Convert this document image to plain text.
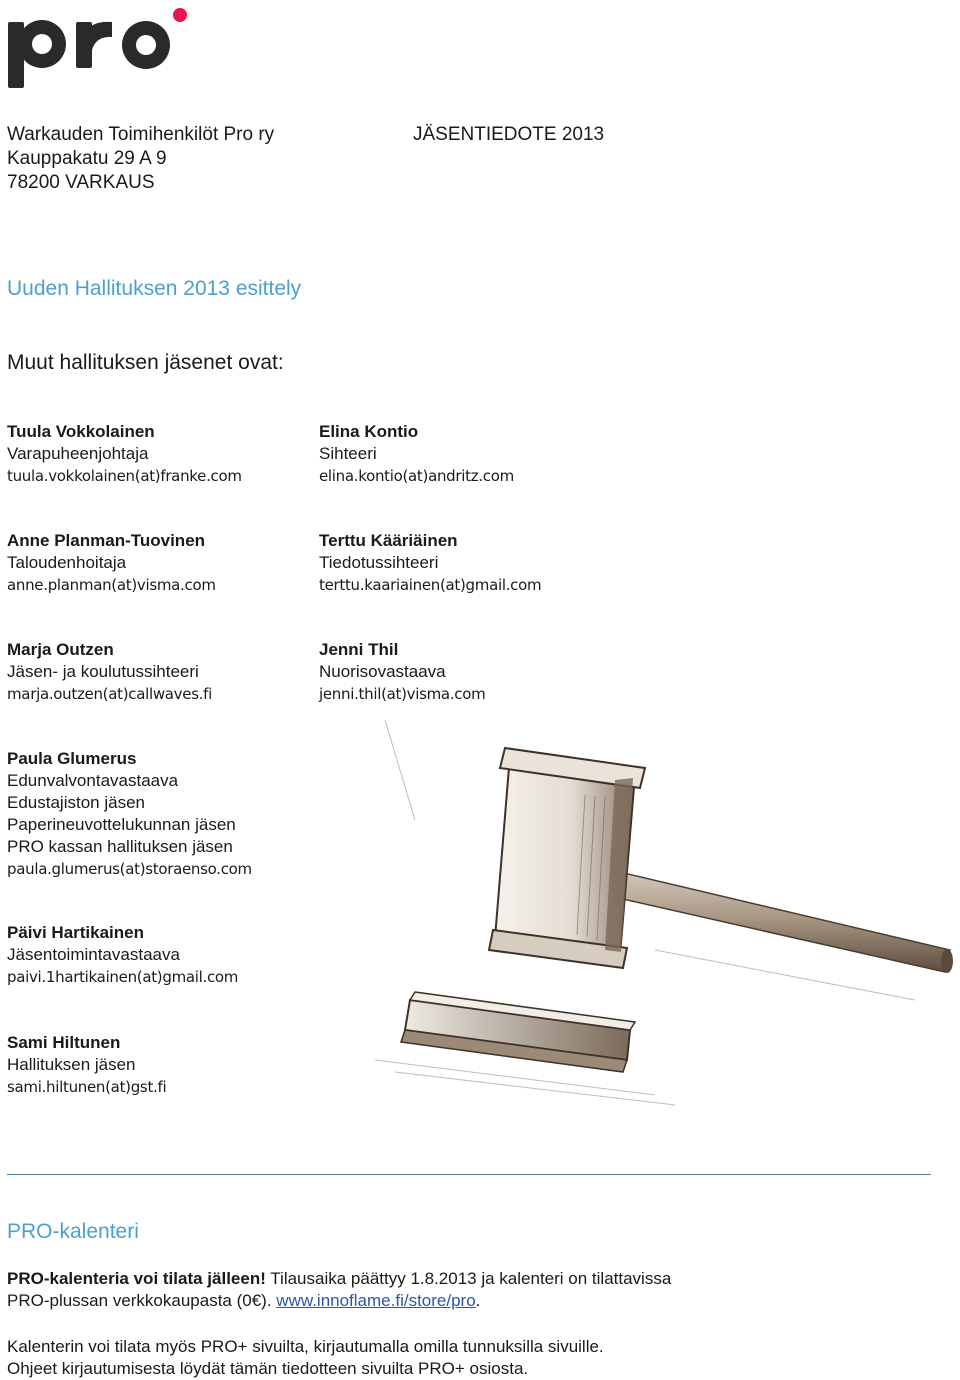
Warkauden Toimihenkilöt Pro ry
Kauppakatu 29 A 9
78200 VARKAUS
JÄSENTIEDOTE 2013
Uuden Hallituksen 2013 esittely
Muut hallituksen jäsenet ovat:
Tuula Vokkolainen
Varapuheenjohtaja
tuula.vokkolainen(at)franke.com
Elina Kontio
Sihteeri
elina.kontio(at)andritz.com
Anne Planman-Tuovinen
Taloudenhoitaja
anne.planman(at)visma.com
Terttu Kääriäinen
Tiedotussihteeri
terttu.kaariainen(at)gmail.com
Marja Outzen
Jäsen- ja koulutussihteeri
marja.outzen(at)callwaves.fi
Jenni Thil
Nuorisovastaava
jenni.thil(at)visma.com
Paula Glumerus
Edunvalvontavastaava
Edustajiston jäsen
Paperineuvottelukunnan jäsen
PRO kassan hallituksen jäsen
paula.glumerus(at)storaenso.com
Päivi Hartikainen
Jäsentoimintavastaava
paivi.1hartikainen(at)gmail.com
Sami Hiltunen
Hallituksen jäsen
sami.hiltunen(at)gst.fi
PRO-kalenteri
PRO-kalenteria voi tilata jälleen! Tilausaika päättyy 1.8.2013 ja kalenteri on tilattavissa
PRO-plussan verkkokaupasta (0€). www.innoflame.fi/store/pro.
Kalenterin voi tilata myös PRO+ sivuilta, kirjautumalla omilla tunnuksilla sivuille.
Ohjeet kirjautumisesta löydät tämän tiedotteen sivuilta PRO+ osiosta.
